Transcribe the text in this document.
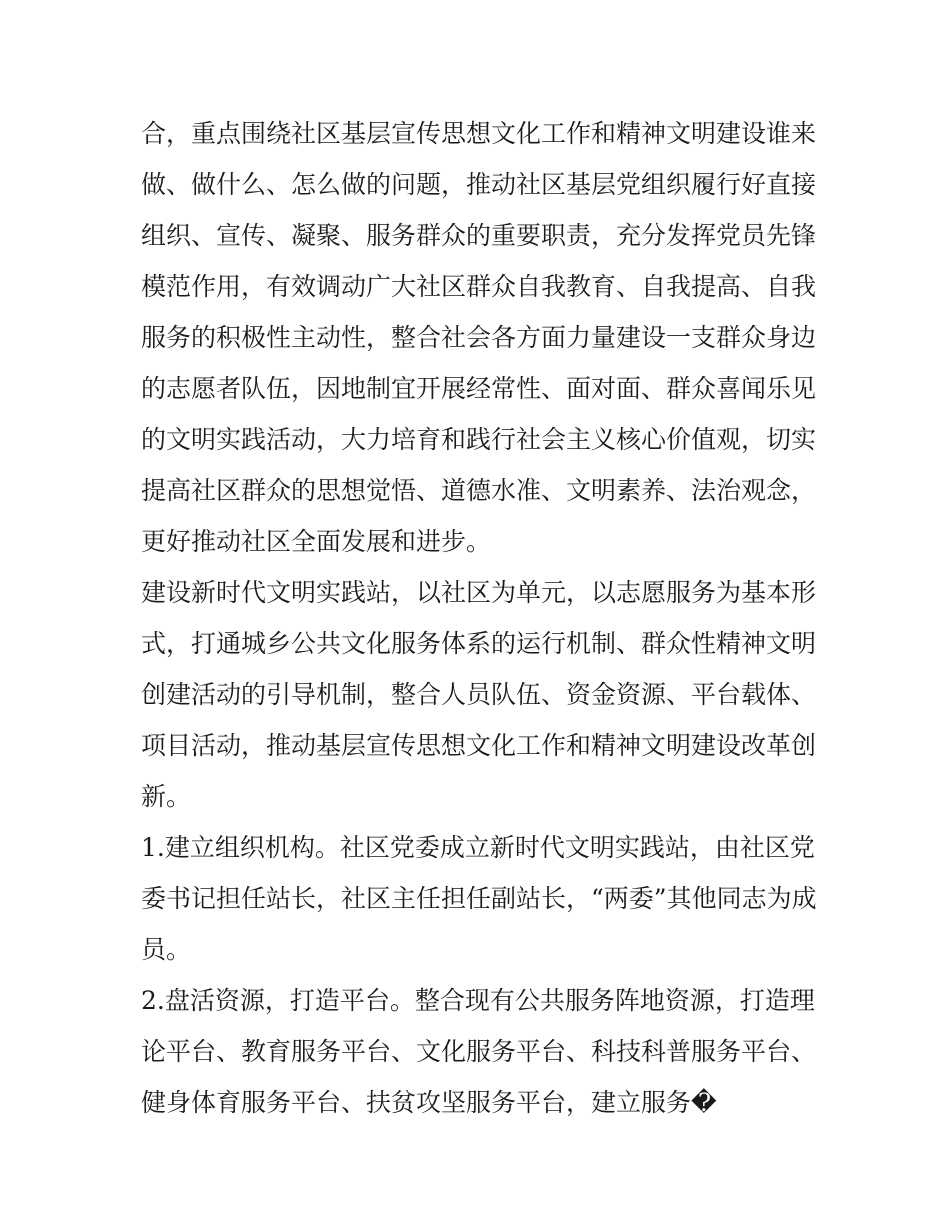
合，重点围绕社区基层宣传思想文化工作和精神文明建设谁来
做、做什么、怎么做的问题，推动社区基层党组织履行好直接
组织、宣传、凝聚、服务群众的重要职责，充分发挥党员先锋
模范作用，有效调动广大社区群众自我教育、自我提高、自我
服务的积极性主动性，整合社会各方面力量建设一支群众身边
的志愿者队伍，因地制宜开展经常性、面对面、群众喜闻乐见
的文明实践活动，大力培育和践行社会主义核心价值观，切实
提高社区群众的思想觉悟、道德水准、文明素养、法治观念，
更好推动社区全面发展和进步。
建设新时代文明实践站，以社区为单元，以志愿服务为基本形
式，打通城乡公共文化服务体系的运行机制、群众性精神文明
创建活动的引导机制，整合人员队伍、资金资源、平台载体、
项目活动，推动基层宣传思想文化工作和精神文明建设改革创
新。
1.建立组织机构。社区党委成立新时代文明实践站，由社区党
委书记担任站长，社区主任担任副站长，“两委”其他同志为成
员。
2.盘活资源，打造平台。整合现有公共服务阵地资源，打造理
论平台、教育服务平台、文化服务平台、科技科普服务平台、
健身体育服务平台、扶贫攻坚服务平台，建立服务�
